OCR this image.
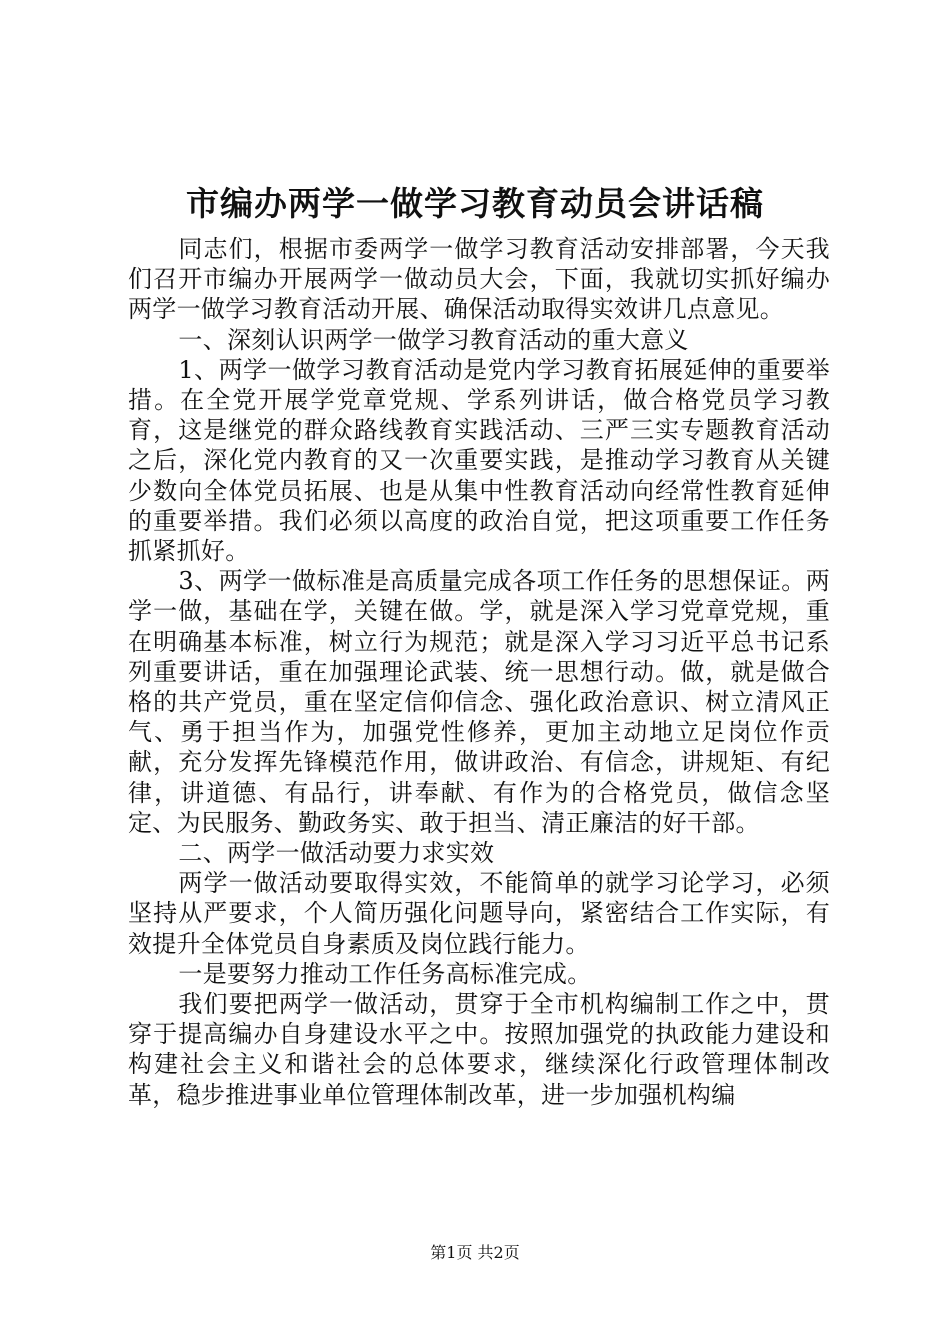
市编办两学一做学习教育动员会讲话稿

同志们，根据市委两学一做学习教育活动安排部署，今天我们召开市编办开展两学一做动员大会，下面，我就切实抓好编办两学一做学习教育活动开展、确保活动取得实效讲几点意见。

一、深刻认识两学一做学习教育活动的重大意义

1、两学一做学习教育活动是党内学习教育拓展延伸的重要举措。在全党开展学党章党规、学系列讲话，做合格党员学习教育，这是继党的群众路线教育实践活动、三严三实专题教育活动之后，深化党内教育的又一次重要实践，是推动学习教育从关键少数向全体党员拓展、也是从集中性教育活动向经常性教育延伸的重要举措。我们必须以高度的政治自觉，把这项重要工作任务抓紧抓好。

3、两学一做标准是高质量完成各项工作任务的思想保证。两学一做，基础在学，关键在做。学，就是深入学习党章党规，重在明确基本标准，树立行为规范；就是深入学习习近平总书记系列重要讲话，重在加强理论武装、统一思想行动。做，就是做合格的共产党员，重在坚定信仰信念、强化政治意识、树立清风正气、勇于担当作为，加强党性修养，更加主动地立足岗位作贡献，充分发挥先锋模范作用，做讲政治、有信念，讲规矩、有纪律，讲道德、有品行，讲奉献、有作为的合格党员，做信念坚定、为民服务、勤政务实、敢于担当、清正廉洁的好干部。

二、两学一做活动要力求实效

两学一做活动要取得实效，不能简单的就学习论学习，必须坚持从严要求，个人简历强化问题导向，紧密结合工作实际，有效提升全体党员自身素质及岗位践行能力。

一是要努力推动工作任务高标准完成。

我们要把两学一做活动，贯穿于全市机构编制工作之中，贯穿于提高编办自身建设水平之中。按照加强党的执政能力建设和构建社会主义和谐社会的总体要求，继续深化行政管理体制改革，稳步推进事业单位管理体制改革，进一步加强机构编

第1页 共2页
